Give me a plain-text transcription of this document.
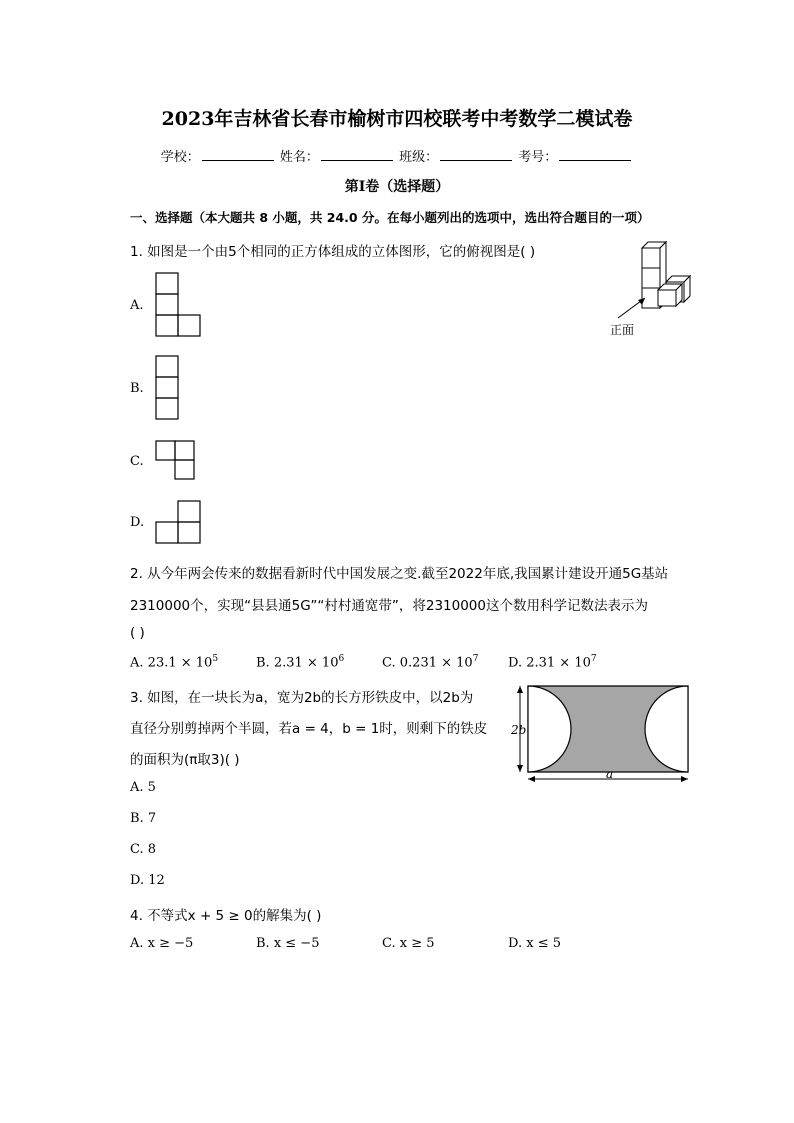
2023年吉林省长春市榆树市四校联考中考数学二模试卷
学校：	姓名：	班级：	考号：
第Ⅰ卷（选择题）
一、选择题（本大题共 8 小题，共 24.0 分。在每小题列出的选项中，选出符合题目的一项）
1. 如图是一个由5个相同的正方体组成的立体图形，它的俯视图是( )
正面
A.
B.
C.
D.
2. 从今年两会传来的数据看新时代中国发展之变.截至2022年底,我国累计建设开通5G基站
2310000个，实现“县县通5G”“村村通宽带”，将2310000这个数用科学记数法表示为
( )
A. $23.1 \times 10^5$	B. $2.31 \times 10^6$	C. $0.231 \times 10^7$ D. $2.31 \times 10^7$
3. 如图，在一块长为a，宽为2b的长方形铁皮中，以2b为
直径分别剪掉两个半圆，若a = 4，b = 1时，则剩下的铁皮
的面积为(π取3)( )
2b
a
A. 5
B. 7
C. 8
D. 12
4. 不等式x + 5 ≥ 0的解集为( )
A. x ≥ −5	B. x ≤ −5	C. x ≥ 5	D. x ≤ 5
